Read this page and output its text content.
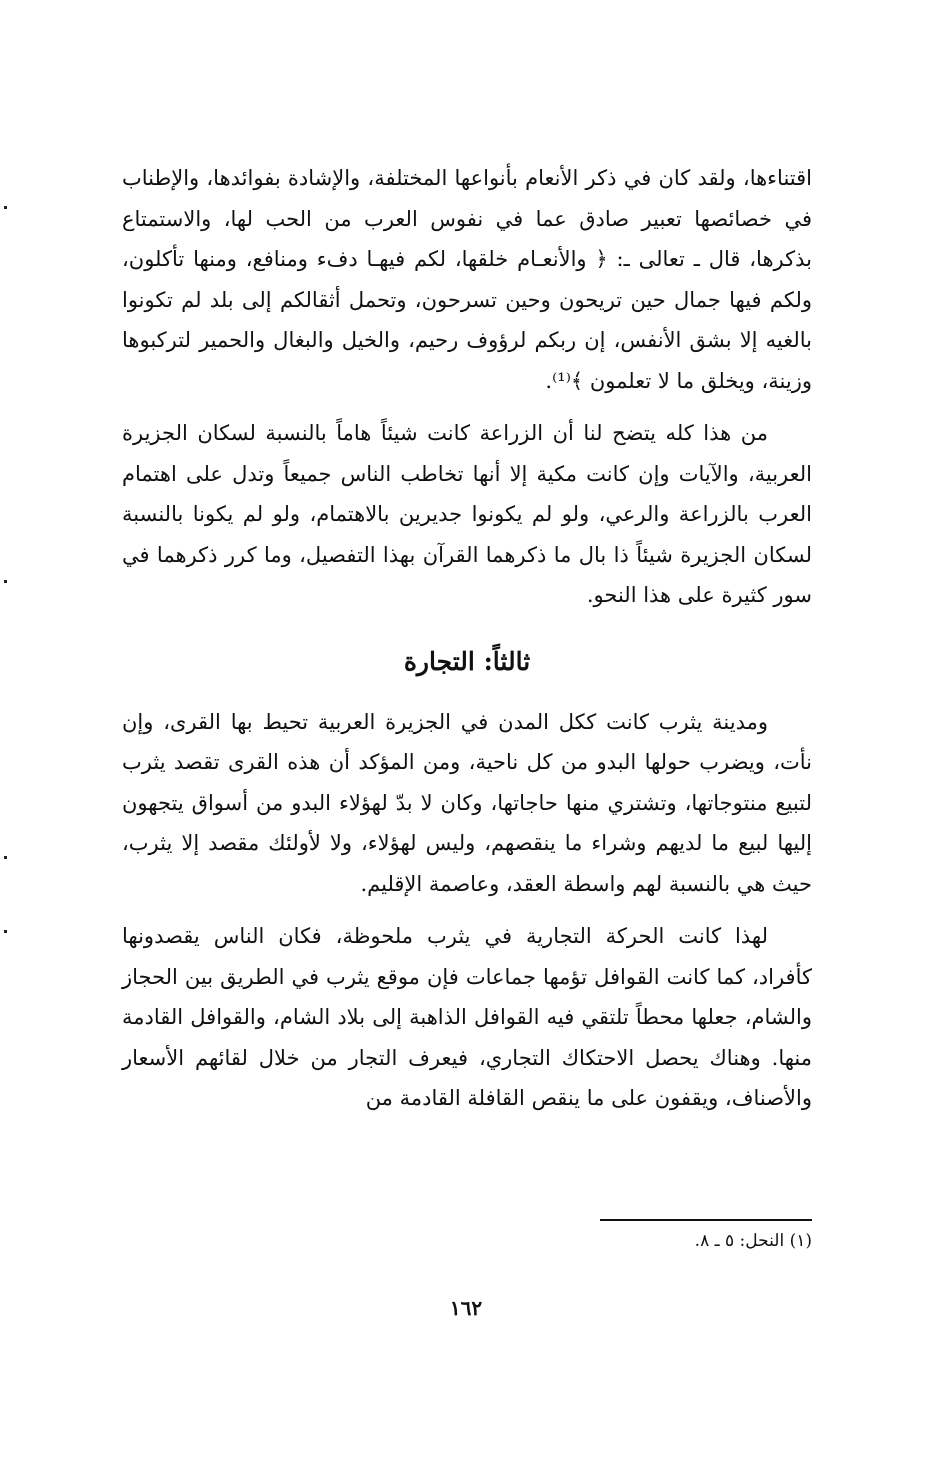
اقتناءها، ولقد كان في ذكر الأنعام بأنواعها المختلفة، والإشادة بفوائدها، والإطناب في خصائصها تعبير صادق عما في نفوس العرب من الحب لها، والاستمتاع بذكرها، قال ـ تعالى ـ: ﴿ والأنعـام خلقها، لكم فيهـا دفء ومنافع، ومنها تأكلون، ولكم فيها جمال حين تريحون وحين تسرحون، وتحمل أثقالكم إلى بلد لم تكونوا بالغيه إلا بشق الأنفس، إن ربكم لرؤوف رحيم، والخيل والبغال والحمير لتركبوها وزينة، ويخلق ما لا تعلمون ﴾⁽¹⁾.

من هذا كله يتضح لنا أن الزراعة كانت شيئاً هاماً بالنسبة لسكان الجزيرة العربية، والآيات وإن كانت مكية إلا أنها تخاطب الناس جميعاً وتدل على اهتمام العرب بالزراعة والرعي، ولو لم يكونوا جديرين بالاهتمام، ولو لم يكونا بالنسبة لسكان الجزيرة شيئاً ذا بال ما ذكرهما القرآن بهذا التفصيل، وما كرر ذكرهما في سور كثيرة على هذا النحو.

ثالثاً: التجارة

ومدينة يثرب كانت ككل المدن في الجزيرة العربية تحيط بها القرى، وإن نأت، ويضرب حولها البدو من كل ناحية، ومن المؤكد أن هذه القرى تقصد يثرب لتبيع منتوجاتها، وتشتري منها حاجاتها، وكان لا بدّ لهؤلاء البدو من أسواق يتجهون إليها لبيع ما لديهم وشراء ما ينقصهم، وليس لهؤلاء، ولا لأولئك مقصد إلا يثرب، حيث هي بالنسبة لهم واسطة العقد، وعاصمة الإقليم.

لهذا كانت الحركة التجارية في يثرب ملحوظة، فكان الناس يقصدونها كأفراد، كما كانت القوافل تؤمها جماعات فإن موقع يثرب في الطريق بين الحجاز والشام، جعلها محطاً تلتقي فيه القوافل الذاهبة إلى بلاد الشام، والقوافل القادمة منها. وهناك يحصل الاحتكاك التجاري، فيعرف التجار من خلال لقائهم الأسعار والأصناف، ويقفون على ما ينقص القافلة القادمة من

(١) النحل: ٥ ـ ٨.
١٦٢
